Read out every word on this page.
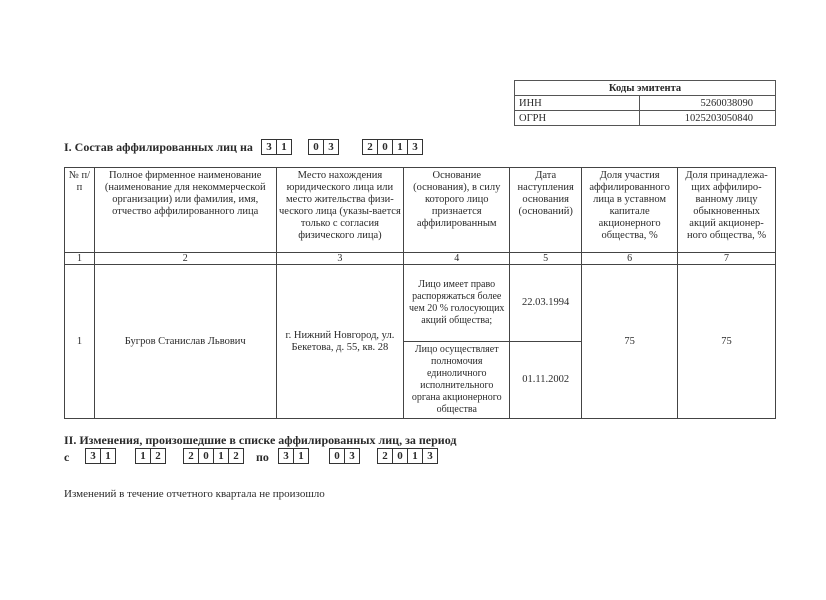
Коды эмитента	
ИНН	5260038090
ОГРН	1025203050840
I. Состав аффилированных лиц на	3 1	0 3	2 0 1 3
№ п/п	Полное фирменное наименование (наименование для некоммерческой организации) или фамилия, имя, отчество аффилированного лица	Место нахождения юридического лица или место жительства физи-ческого лица (указы-вается только с согласия физического лица)	Основание (основания), в силу которого лицо признается аффилированным	Дата наступления основания (оснований)	Доля участия аффилированного лица в уставном капитале акционерного общества, %	Доля принадлежа-щих аффилиро-ванному лицу обыкновенных акций акционер-ного общества, %
1	2	3	4	5	6	7
1	Бугров Станислав Львович	г. Нижний Новгород, ул. Бекетова, д. 55, кв. 28	Лицо имеет право распоряжаться более чем 20 % голосующих акций общества;	22.03.1994	75	75
			Лицо осуществляет полномочия единоличного исполнительного органа акционерного общества	01.11.2002		
II. Изменения, произошедшие в списке аффилированных лиц, за период
с	3 1	1 2	2 0 1 2	по	3 1	0 3	2 0 1 3
Изменений в течение отчетного квартала не произошло
